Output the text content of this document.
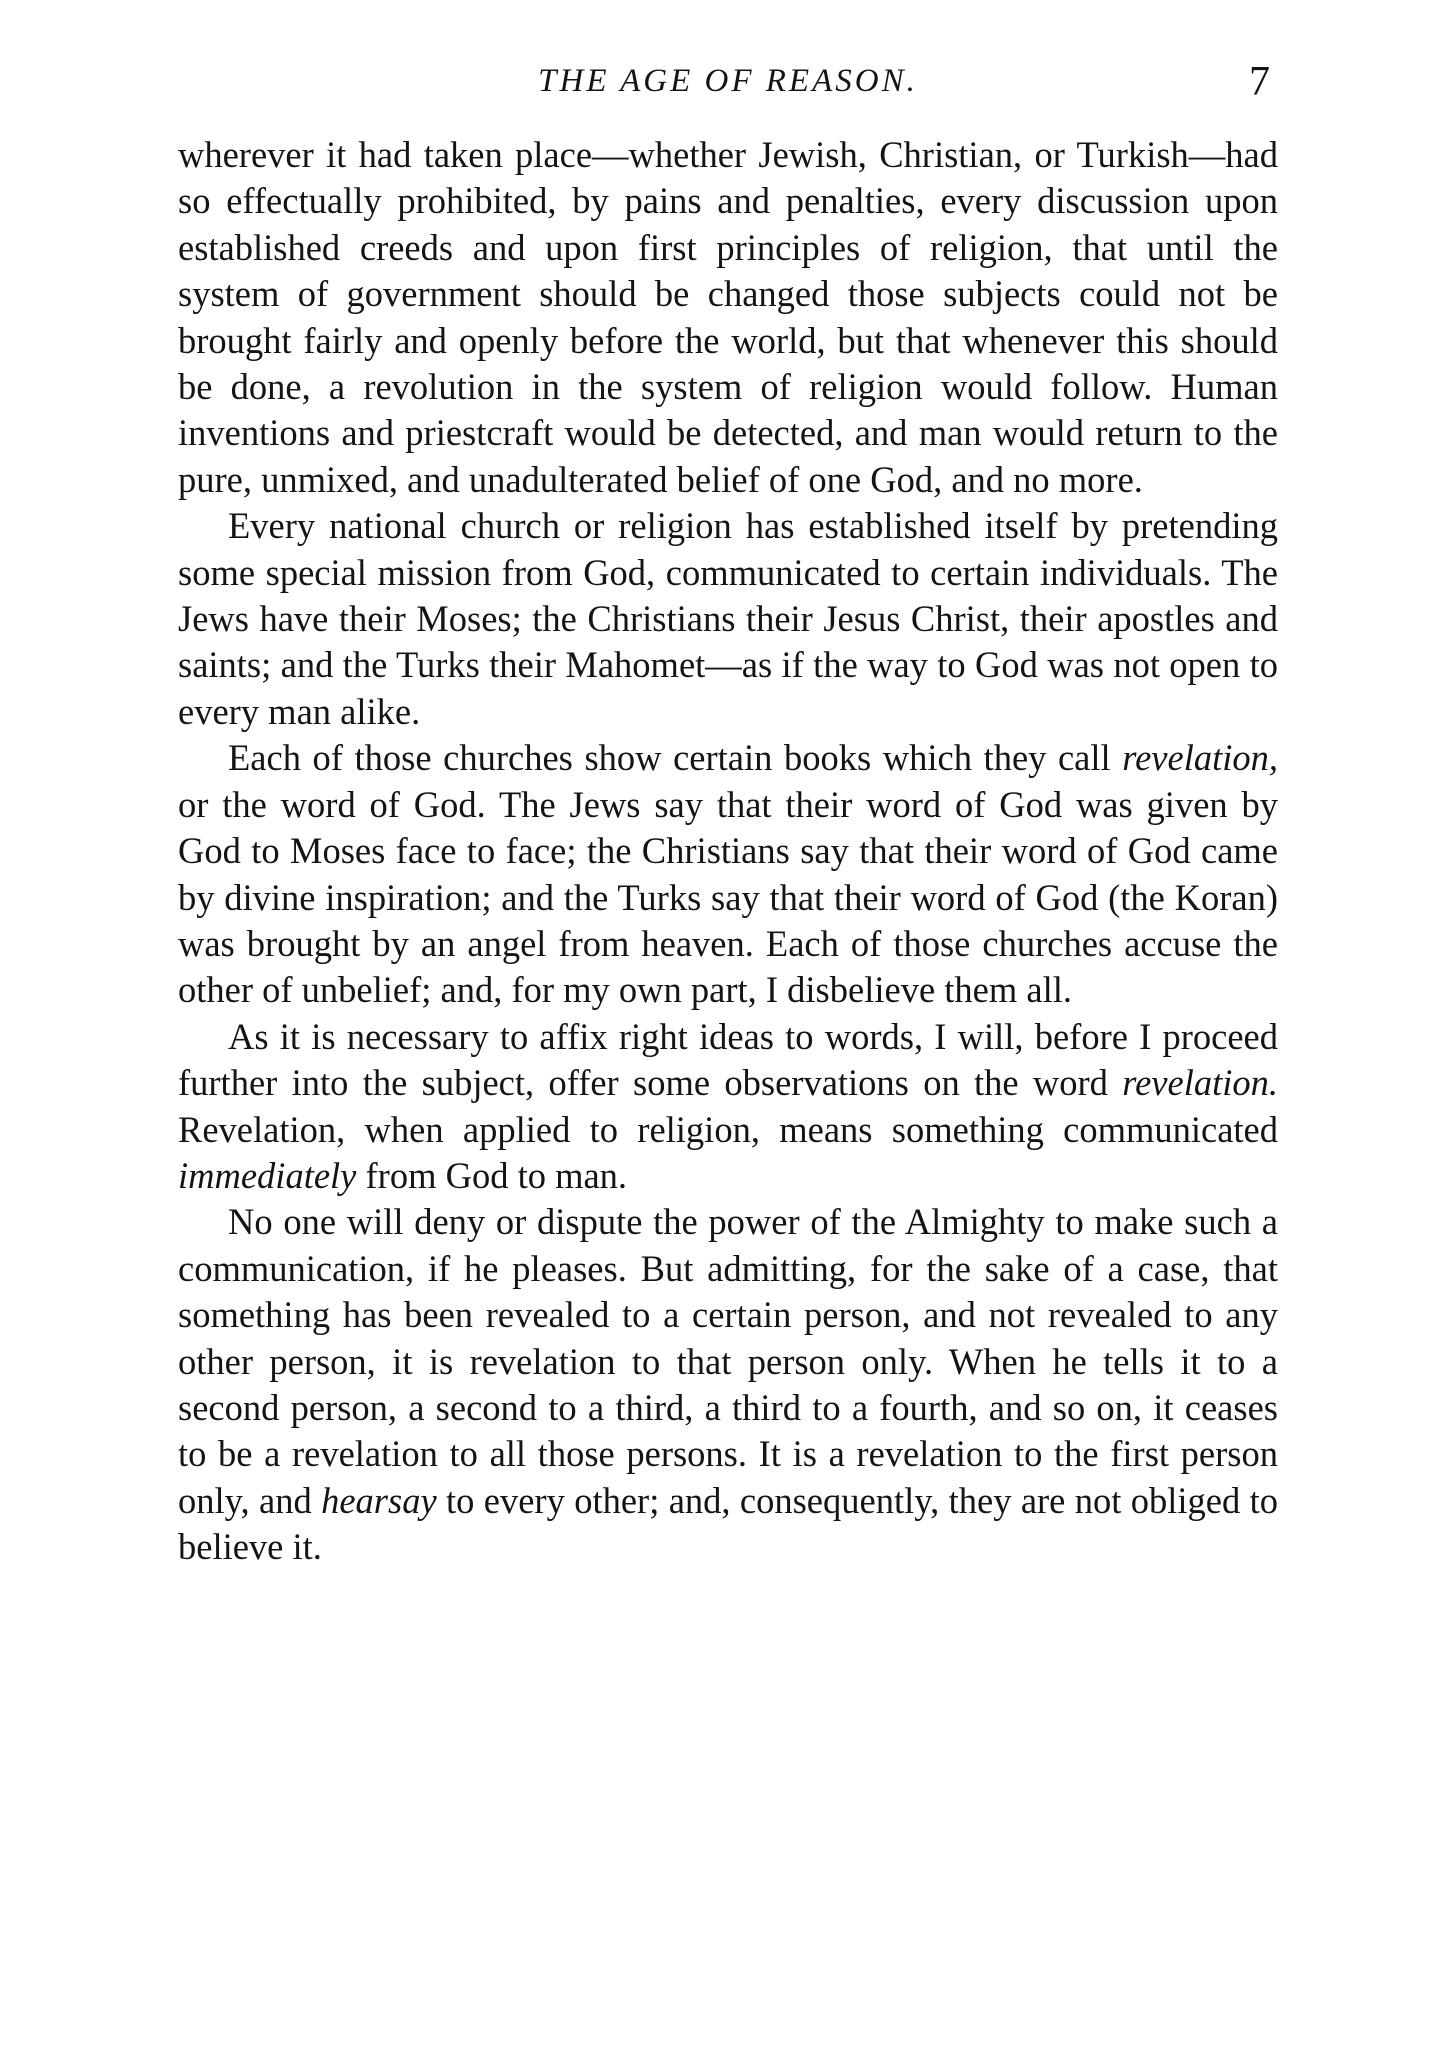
THE AGE OF REASON.	7

wherever it had taken place—whether Jewish, Christian, or Turkish—had so effectually prohibited, by pains and penalties, every discussion upon established creeds and upon first principles of religion, that until the system of government should be changed those subjects could not be brought fairly and openly before the world, but that whenever this should be done, a revolution in the system of religion would follow. Human inventions and priestcraft would be detected, and man would return to the pure, unmixed, and unadulterated belief of one God, and no more.

Every national church or religion has established itself by pretending some special mission from God, communicated to certain individuals. The Jews have their Moses; the Christians their Jesus Christ, their apostles and saints; and the Turks their Mahomet—as if the way to God was not open to every man alike.

Each of those churches show certain books which they call revelation, or the word of God. The Jews say that their word of God was given by God to Moses face to face; the Christians say that their word of God came by divine inspiration; and the Turks say that their word of God (the Koran) was brought by an angel from heaven. Each of those churches accuse the other of unbelief; and, for my own part, I disbelieve them all.

As it is necessary to affix right ideas to words, I will, before I proceed further into the subject, offer some observations on the word revelation. Revelation, when applied to religion, means something communicated immediately from God to man.

No one will deny or dispute the power of the Almighty to make such a communication, if he pleases. But admitting, for the sake of a case, that something has been revealed to a certain person, and not revealed to any other person, it is revelation to that person only. When he tells it to a second person, a second to a third, a third to a fourth, and so on, it ceases to be a revelation to all those persons. It is a revelation to the first person only, and hearsay to every other; and, consequently, they are not obliged to believe it.
